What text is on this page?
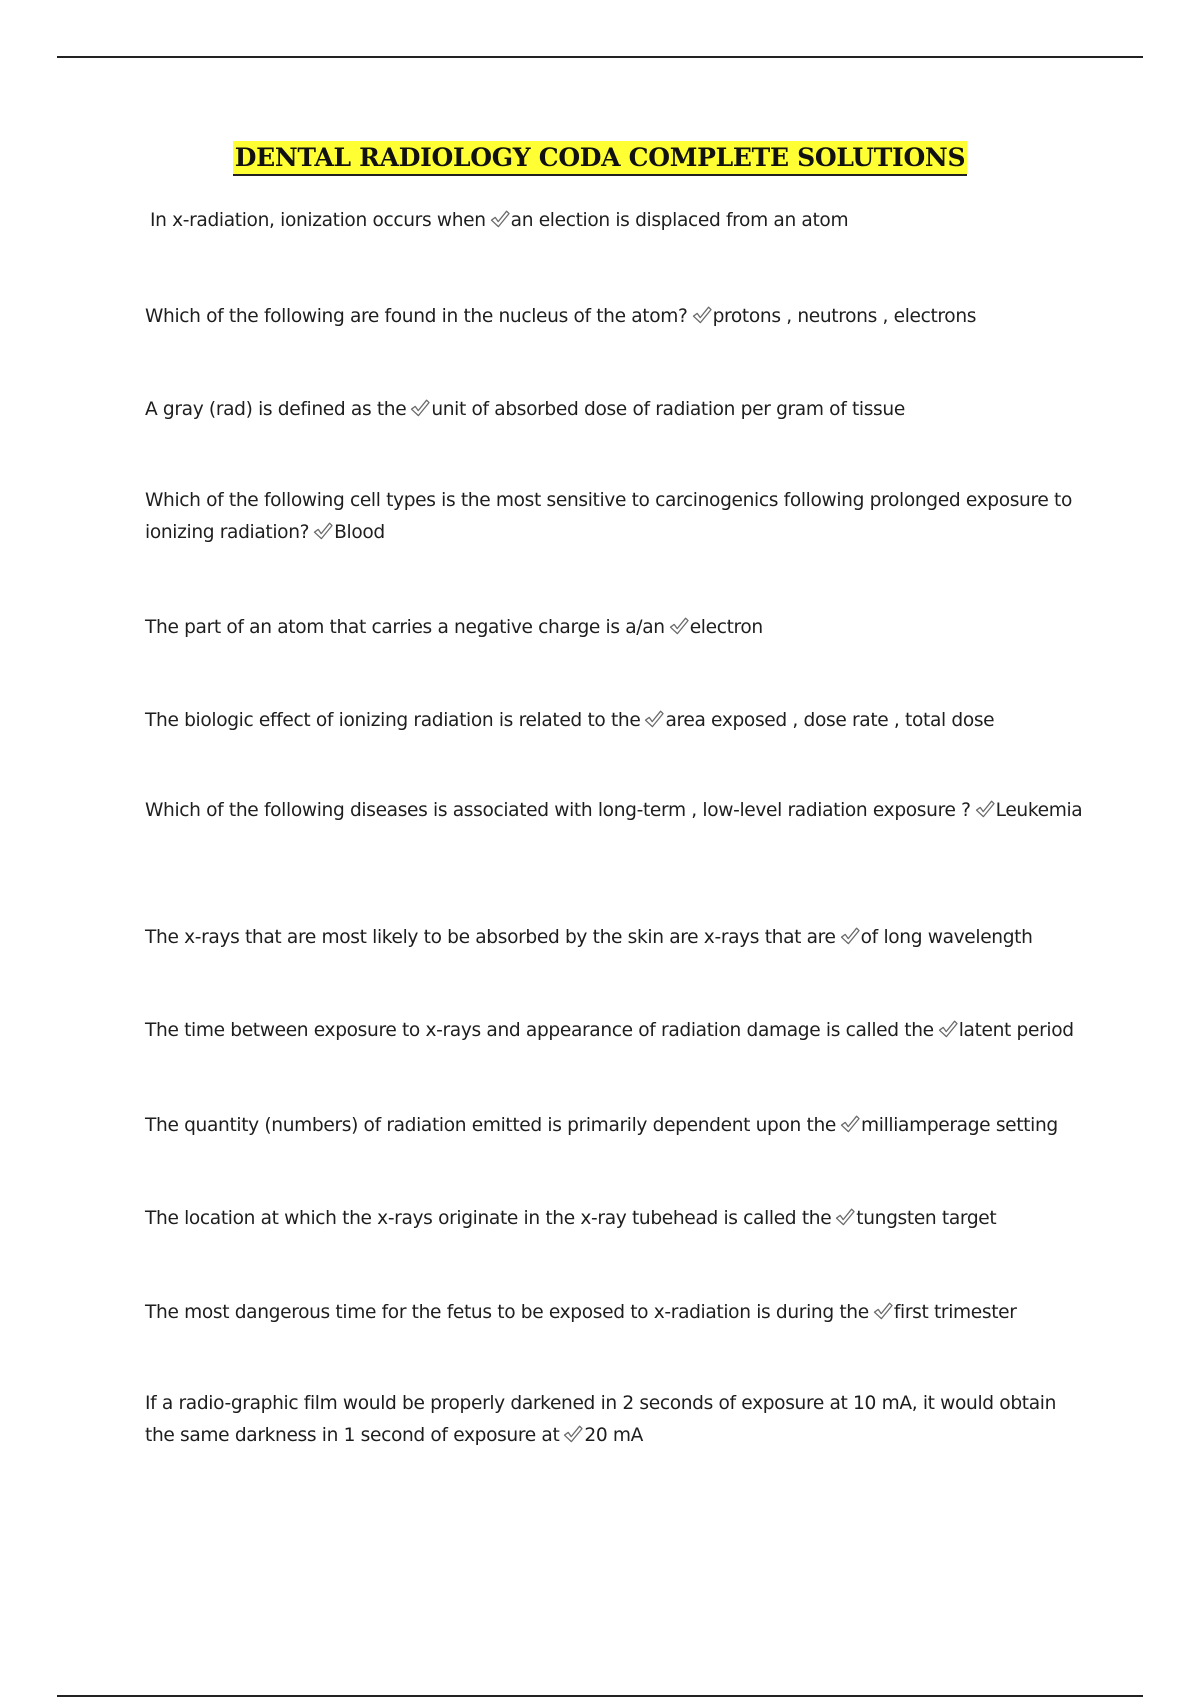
DENTAL RADIOLOGY CODA COMPLETE SOLUTIONS
In x-radiation, ionization occurs when an election is displaced from an atom
Which of the following are found in the nucleus of the atom? protons , neutrons , electrons
A gray (rad) is defined as the unit of absorbed dose of radiation per gram of tissue
Which of the following cell types is the most sensitive to carcinogenics following prolonged exposure to ionizing radiation? Blood
The part of an atom that carries a negative charge is a/an electron
The biologic effect of ionizing radiation is related to the area exposed , dose rate , total dose
Which of the following diseases is associated with long-term , low-level radiation exposure ? Leukemia
The x-rays that are most likely to be absorbed by the skin are x-rays that are of long wavelength
The time between exposure to x-rays and appearance of radiation damage is called the latent period
The quantity (numbers) of radiation emitted is primarily dependent upon the milliamperage setting
The location at which the x-rays originate in the x-ray tubehead is called the tungsten target
The most dangerous time for the fetus to be exposed to x-radiation is during the first trimester
If a radio-graphic film would be properly darkened in 2 seconds of exposure at 10 mA, it would obtain the same darkness in 1 second of exposure at 20 mA
